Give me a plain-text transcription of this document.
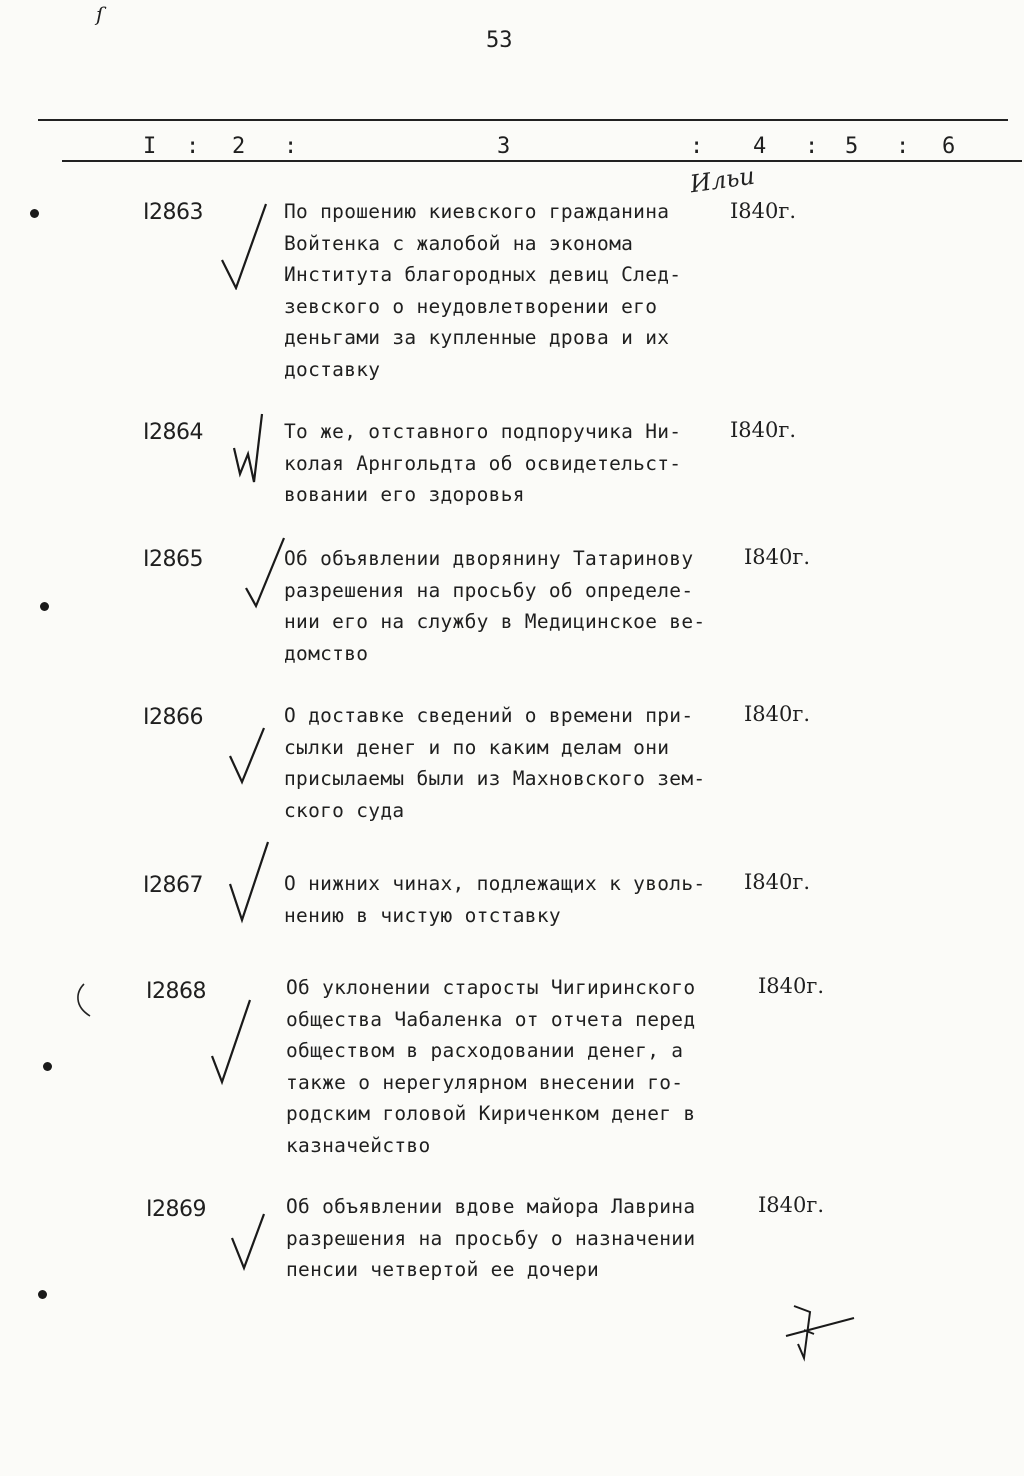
ſ
53
I : 2 :	3	: 4 : 5 : 6
Ильи
I2863	По прошению киевского гражданина
Войтенка с жалобой на эконома
Института благородных девиц След-
зевского о неудовлетворении его
деньгами за купленные дрова и их
доставку
I840г.
I2864	То же, отставного подпоручика Ни-
колая Арнгольдта об освидетельст-
вовании его здоровья
I840г.
I2865	Об объявлении дворянину Татаринову
разрешения на просьбу об определе-
нии его на службу в Медицинское ве-
домство
I840г.
I2866	О доставке сведений о времени при-
сылки денег и по каким делам они
присылаемы были из Махновского зем-
ского суда
I840г.
I2867	О нижних чинах, подлежащих к уволь-
нению в чистую отставку
I840г.
I2868	Об уклонении старосты Чигиринского
общества Чабаленка от отчета перед
обществом в расходовании денег, а
также о нерегулярном внесении го-
родским головой Кириченком денег в
казначейство
I840г.
I2869	Об объявлении вдове майора Лаврина
разрешения на просьбу о назначении
пенсии четвертой ее дочери
I840г.
